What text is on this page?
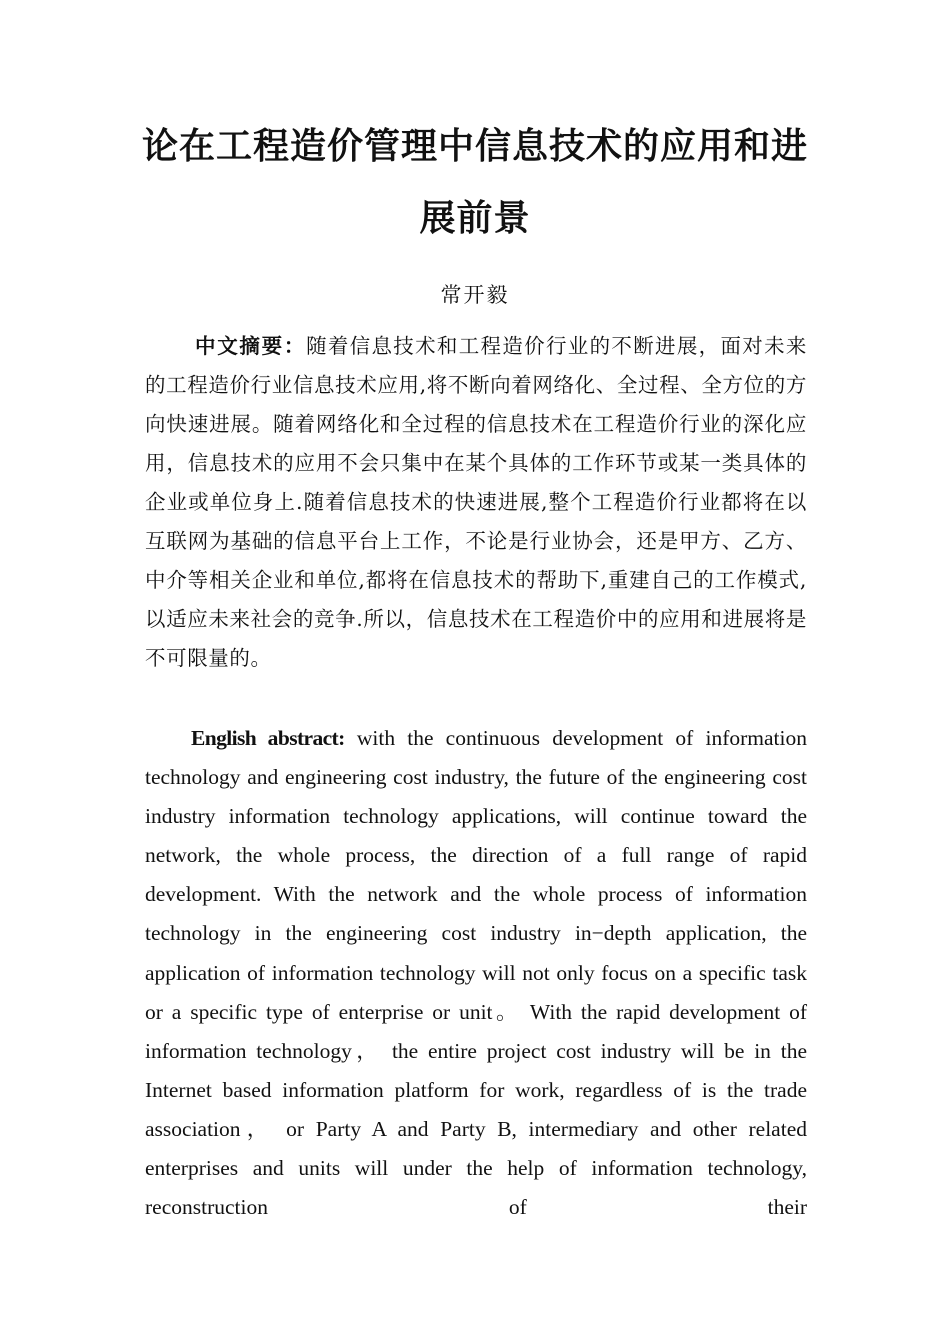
论在工程造价管理中信息技术的应用和进
展前景
常开毅

中文摘要：随着信息技术和工程造价行业的不断进展，面对未来的工程造价行业信息技术应用,将不断向着网络化、全过程、全方位的方向快速进展。随着网络化和全过程的信息技术在工程造价行业的深化应用，信息技术的应用不会只集中在某个具体的工作环节或某一类具体的企业或单位身上.随着信息技术的快速进展,整个工程造价行业都将在以互联网为基础的信息平台上工作，不论是行业协会，还是甲方、乙方、中介等相关企业和单位,都将在信息技术的帮助下,重建自己的工作模式,以适应未来社会的竞争.所以，信息技术在工程造价中的应用和进展将是不可限量的。

English abstract: with the continuous development of information technology and engineering cost industry, the future of the engineering cost industry information technology applications, will continue toward the network, the whole process, the direction of a full range of rapid development. With the network and the whole process of information technology in the engineering cost industry in−depth application, the application of information technology will not only focus on a specific task or a specific type of enterprise or unit。 With the rapid development of information technology， the entire project cost industry will be in the Internet based information platform for work, regardless of is the trade association， or Party A and Party B, intermediary and other related enterprises and units will under the help of information technology, reconstruction of their
